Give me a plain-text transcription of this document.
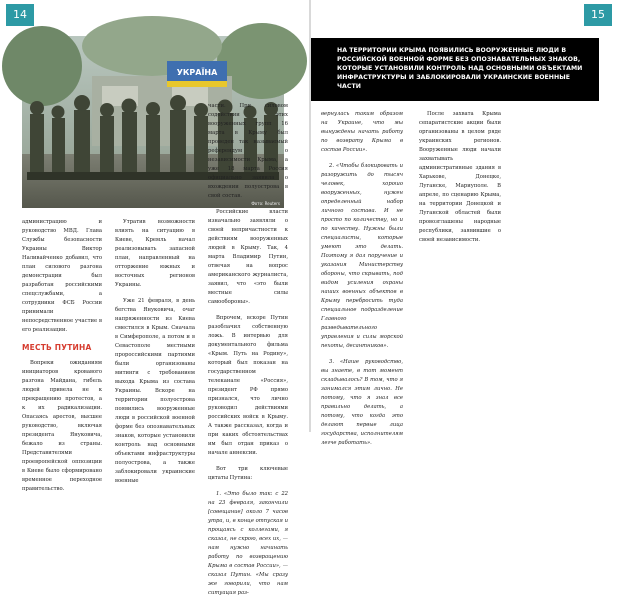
14	15
УКРАЇНА
Фото: Reuters
НА ТЕРРИТОРИИ КРЫМА ПОЯВИЛИСЬ ВООРУЖЕННЫЕ ЛЮДИ В РОССИЙСКОЙ ВОЕННОЙ ФОРМЕ БЕЗ ОПОЗНАВАТЕЛЬНЫХ ЗНАКОВ, КОТОРЫЕ УСТАНОВИЛИ КОНТРОЛЬ НАД ОСНОВНЫМИ ОБЪЕКТАМИ ИНФРАСТРУКТУРЫ И ЗАБЛОКИРОВАЛИ УКРАИНСКИЕ ВОЕННЫЕ ЧАСТИ

администрацию и руководство МВД. Глава Службы безопасности Украины Виктор Наливайченко добавил, что план силового разгона демонстрации был разработан российскими спецслужбами, а сотрудники ФСБ России принимали непосредственное участие в его реализации.

МЕСТЬ ПУТИНА

Вопреки ожиданиям инициаторов кровавого разгона Майдана, гибель людей привела не к прекращению протестов, а к их радикализации. Опасаясь арестов, высшее руководство, включая президента Януковича, бежало из страны. Представителями проевропейской оппозиции в Киеве было сформировано временное переходное правительство.

Утратив возможности влиять на ситуацию в Киеве, Кремль начал реализовывать запасной план, направленный на отторжение южных и восточных регионов Украины.

Уже 21 февраля, в день бегства Януковича, очаг напряженности из Киева сместился в Крым. Сначала в Симферополе, а потом и в Севастополе местными пророссийскими партиями были организованы митинги с требованием выхода Крыма из состава Украины. Вскоре на территории полуострова появились вооруженные люди в российской военной форме без опознавательных знаков, которые установили контроль над основными объектами инфраструктуры полуострова, а также заблокировали украинские военные

части. При силовом содействии этих вооруженных групп 16 марта в Крыму был проведен так называемый референдум о независимости Крыма, а уже 18 марта Россия официально заявила о вхождении полуострова в свой состав.

Российские власти изначально заявляли о своей непричастности к действиям вооруженных людей в Крыму. Так, 4 марта Владимир Путин, отвечая на вопрос американского журналиста, заявил, что «это были местные силы самообороны».

Впрочем, вскоре Путин разоблачил собственную ложь. В интервью для документального фильма «Крым. Путь на Родину», который был показан на государственном телеканале «Россия», президент РФ прямо признался, что лично руководил действиями российских войск в Крыму. А также рассказал, когда и при каких обстоятельствах им был отдан приказ о начале аннексии.

Вот три ключевые цитаты Путина:

1. «Это было так: с 22 на 23 февраля, закончили [совещание] около 7 часов утра, и, в конце отпуская и прощаясь с коллегами, я сказал, не скрою, всех их, — нам нужно начинать работу по возвращению Крыма в состав России», — сказал Путин. «Мы сразу же говорили, что нам ситуация раз-

вернулась таким образом на Украине, что мы вынуждены начать работу по возврату Крыма в состав России».

2. «Чтобы блокировать и разоружить до тысяч человек, хорошо вооруженных, нужен определенный набор личного состава. И не просто по количеству, но и по качеству. Нужны были специалисты, которые умеют это делать. Поэтому я дал поручение и указания Министерству обороны, что скрывать, под видом усиления охраны наших военных объектов в Крыму перебросить туда специальное подразделение Главного разведывательного управления и силы морской пехоты, десантников».

3. «Наше руководство, вы знаете, в тот момент складывалось? В том, что я занимался этим лично. Не потому, что я знал все правильно делать, а потому, что когда это делают первые лица государства, исполнителям легче работать».

После захвата Крыма сепаратистские акции были организованы в целом ряде украинских регионов. Вооруженные люди начали захватывать административные здания в Харькове, Донецке, Луганске, Мариуполе. В апреле, по сценарию Крыма, на территории Донецкой и Луганской областей были провозглашены народные республики, заявившие о своей независимости.
